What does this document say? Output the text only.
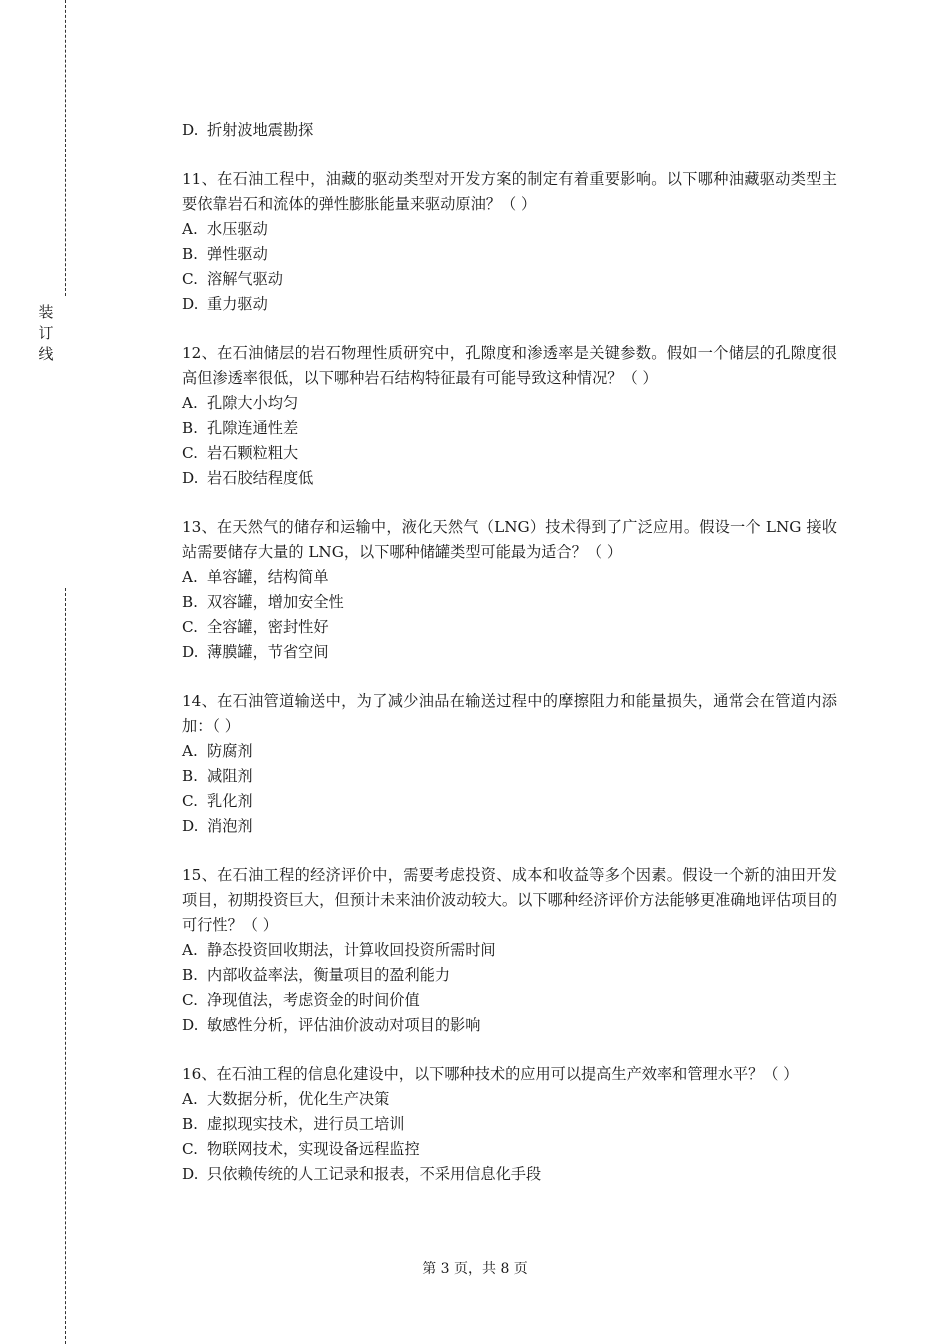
装
订
线
D. 折射波地震勘探
11、在石油工程中，油藏的驱动类型对开发方案的制定有着重要影响。以下哪种油藏驱动类型主要依靠岩石和流体的弹性膨胀能量来驱动原油？（ ）
A. 水压驱动
B. 弹性驱动
C. 溶解气驱动
D. 重力驱动
12、在石油储层的岩石物理性质研究中，孔隙度和渗透率是关键参数。假如一个储层的孔隙度很高但渗透率很低，以下哪种岩石结构特征最有可能导致这种情况？（ ）
A. 孔隙大小均匀
B. 孔隙连通性差
C. 岩石颗粒粗大
D. 岩石胶结程度低
13、在天然气的储存和运输中，液化天然气（LNG）技术得到了广泛应用。假设一个 LNG 接收站需要储存大量的 LNG，以下哪种储罐类型可能最为适合？（ ）
A. 单容罐，结构简单
B. 双容罐，增加安全性
C. 全容罐，密封性好
D. 薄膜罐，节省空间
14、在石油管道输送中，为了减少油品在输送过程中的摩擦阻力和能量损失，通常会在管道内添加：（ ）
A. 防腐剂
B. 减阻剂
C. 乳化剂
D. 消泡剂
15、在石油工程的经济评价中，需要考虑投资、成本和收益等多个因素。假设一个新的油田开发项目，初期投资巨大，但预计未来油价波动较大。以下哪种经济评价方法能够更准确地评估项目的可行性？（ ）
A. 静态投资回收期法，计算收回投资所需时间
B. 内部收益率法，衡量项目的盈利能力
C. 净现值法，考虑资金的时间价值
D. 敏感性分析，评估油价波动对项目的影响
16、在石油工程的信息化建设中，以下哪种技术的应用可以提高生产效率和管理水平？（ ）
A. 大数据分析，优化生产决策
B. 虚拟现实技术，进行员工培训
C. 物联网技术，实现设备远程监控
D. 只依赖传统的人工记录和报表，不采用信息化手段
第 3 页，共 8 页
